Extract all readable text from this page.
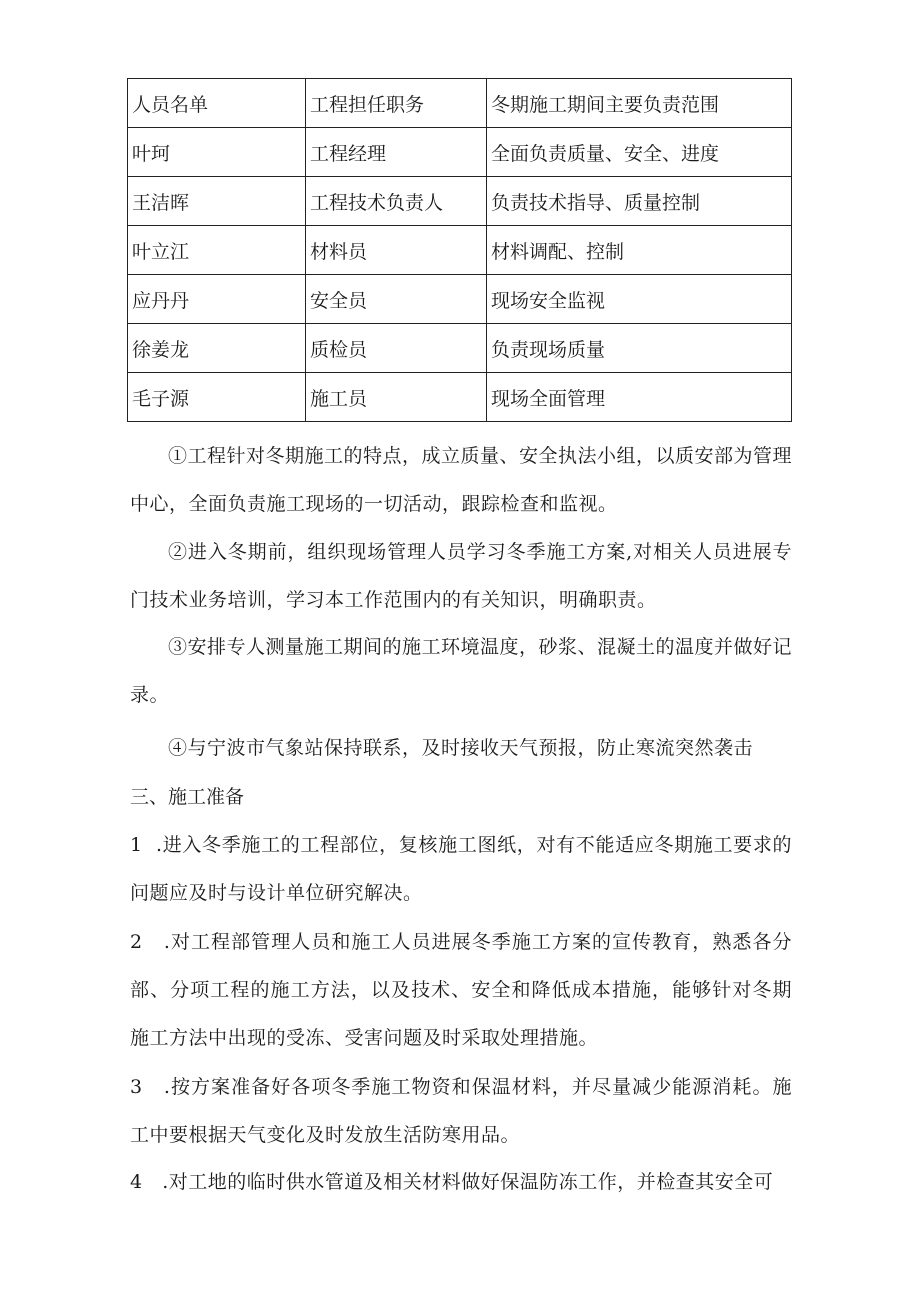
人员名单	工程担任职务	冬期施工期间主要负责范围
叶珂	工程经理	全面负责质量、安全、进度
王洁晖	工程技术负责人	负责技术指导、质量控制
叶立江	材料员	材料调配、控制
应丹丹	安全员	现场安全监视
徐姜龙	质检员	负责现场质量
毛子源	施工员	现场全面管理

①工程针对冬期施工的特点，成立质量、安全执法小组，以质安部为管理中心，全面负责施工现场的一切活动，跟踪检查和监视。

②进入冬期前，组织现场管理人员学习冬季施工方案,对相关人员进展专门技术业务培训，学习本工作范围内的有关知识，明确职责。

③安排专人测量施工期间的施工环境温度，砂浆、混凝土的温度并做好记录。

④与宁波市气象站保持联系，及时接收天气预报，防止寒流突然袭击

三、施工准备

1  .进入冬季施工的工程部位，复核施工图纸，对有不能适应冬期施工要求的问题应及时与设计单位研究解决。

2   .对工程部管理人员和施工人员进展冬季施工方案的宣传教育，熟悉各分部、分项工程的施工方法，以及技术、安全和降低成本措施，能够针对冬期施工方法中出现的受冻、受害问题及时采取处理措施。

3   .按方案准备好各项冬季施工物资和保温材料，并尽量减少能源消耗。施工中要根据天气变化及时发放生活防寒用品。

4   .对工地的临时供水管道及相关材料做好保温防冻工作，并检查其安全可
